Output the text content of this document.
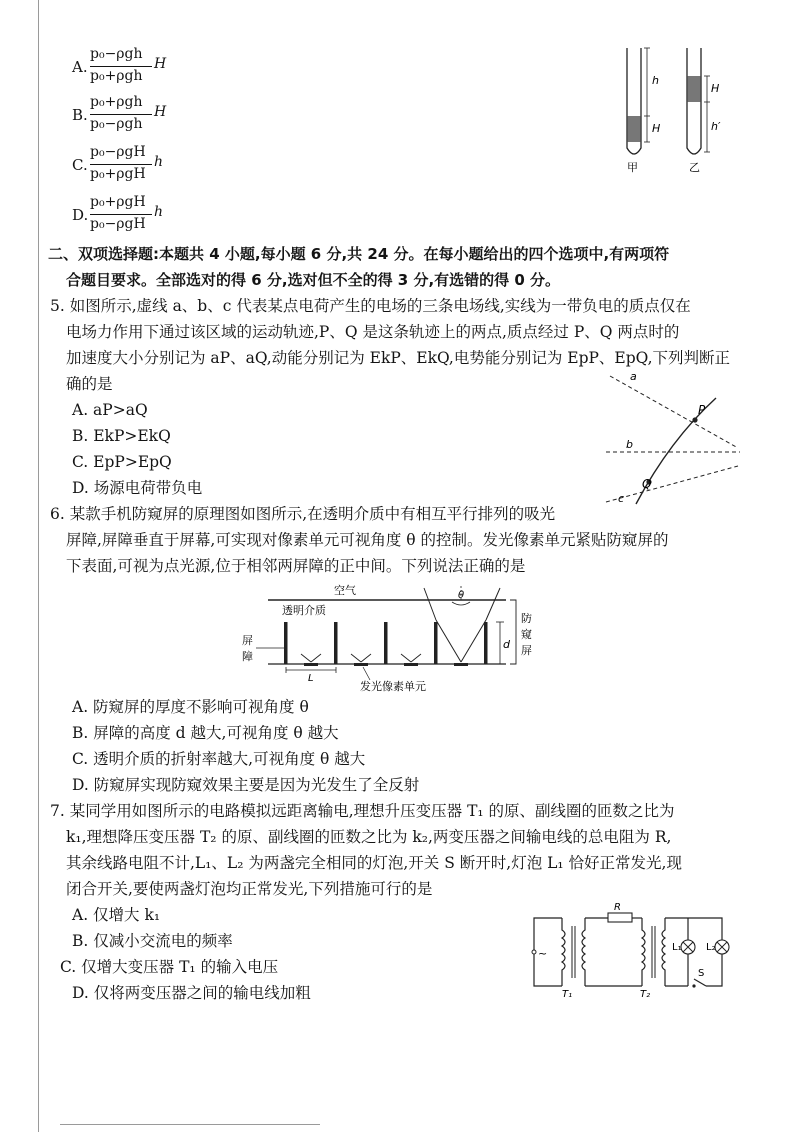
A.
p₀−ρgh
p₀+ρgh
H
B.
p₀+ρgh
p₀−ρgh
H
C.
p₀−ρgH
p₀+ρgH
h
D.
p₀+ρgH
p₀−ρgH
h
h
H
甲
H
h′
乙
二、双项选择题:本题共 4 小题,每小题 6 分,共 24 分。在每小题给出的四个选项中,有两项符
合题目要求。全部选对的得 6 分,选对但不全的得 3 分,有选错的得 0 分。
5. 如图所示,虚线 a、b、c 代表某点电荷产生的电场的三条电场线,实线为一带负电的质点仅在
电场力作用下通过该区域的运动轨迹,P、Q 是这条轨迹上的两点,质点经过 P、Q 两点时的
加速度大小分别记为 aP、aQ,动能分别记为 EkP、EkQ,电势能分别记为 EpP、EpQ,下列判断正
确的是
A. aP>aQ
B. EkP>EkQ
C. EpP>EpQ
D. 场源电荷带负电
a
b
c
P
Q
6. 某款手机防窥屏的原理图如图所示,在透明介质中有相互平行排列的吸光
屏障,屏障垂直于屏幕,可实现对像素单元可视角度 θ 的控制。发光像素单元紧贴防窥屏的
下表面,可视为点光源,位于相邻两屏障的正中间。下列说法正确的是
空气
透明介质
θ
d
防
窥
屏
屏
障
L
发光像素单元
A. 防窥屏的厚度不影响可视角度 θ
B. 屏障的高度 d 越大,可视角度 θ 越大
C. 透明介质的折射率越大,可视角度 θ 越大
D. 防窥屏实现防窥效果主要是因为光发生了全反射
7. 某同学用如图所示的电路模拟远距离输电,理想升压变压器 T₁ 的原、副线圈的匝数之比为
k₁,理想降压变压器 T₂ 的原、副线圈的匝数之比为 k₂,两变压器之间输电线的总电阻为 R,
其余线路电阻不计,L₁、L₂ 为两盏完全相同的灯泡,开关 S 断开时,灯泡 L₁ 恰好正常发光,现
闭合开关,要使两盏灯泡均正常发光,下列措施可行的是
A. 仅增大 k₁
B. 仅减小交流电的频率
C. 仅增大变压器 T₁ 的输入电压
D. 仅将两变压器之间的输电线加粗
~
T₁
R
T₂
L₁ L₂
S
